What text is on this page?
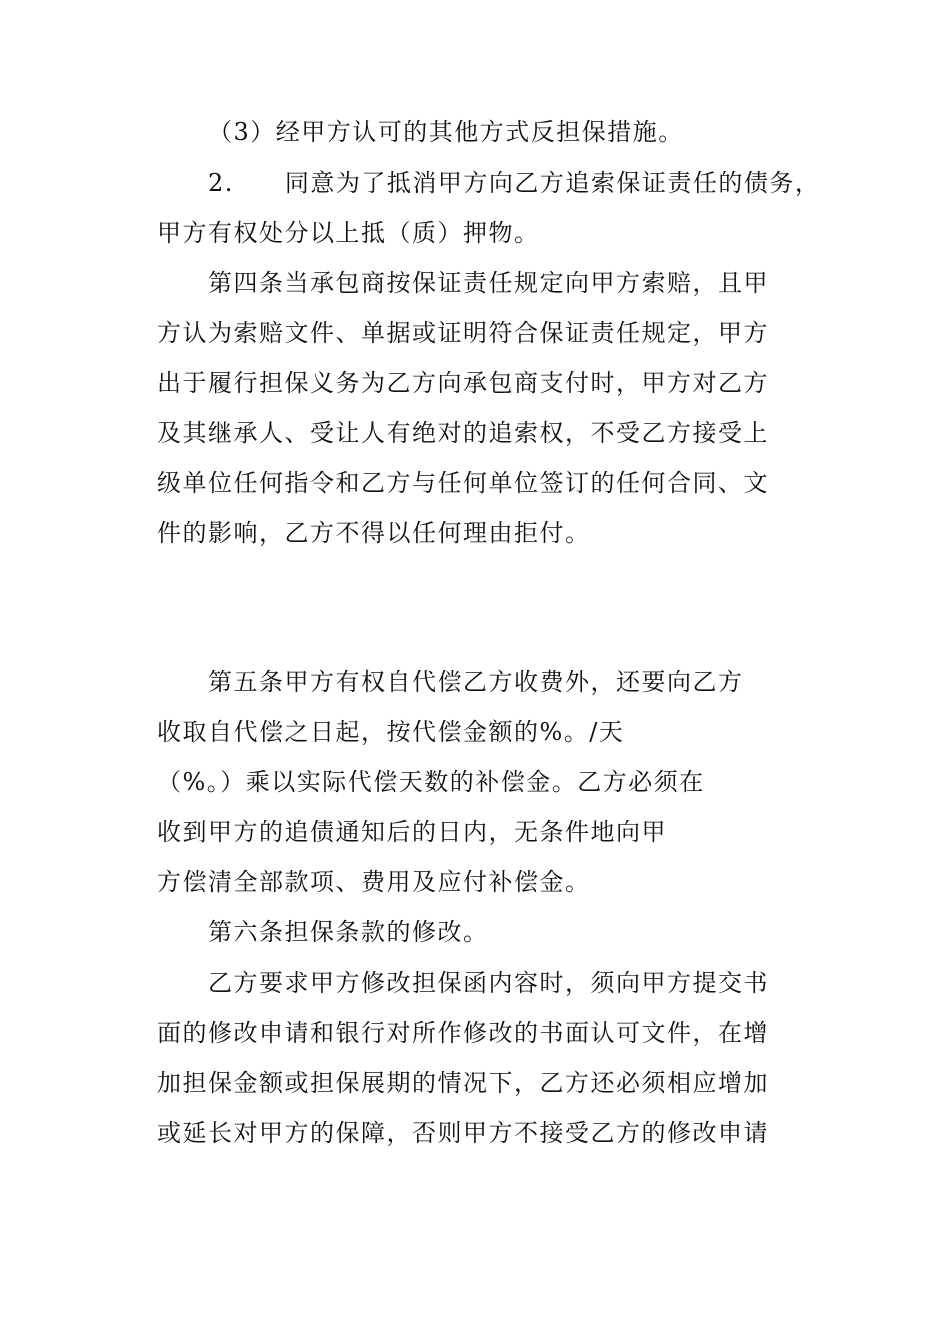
（3）经甲方认可的其他方式反担保措施。
2.　　同意为了抵消甲方向乙方追索保证责任的债务，
甲方有权处分以上抵（质）押物。
第四条当承包商按保证责任规定向甲方索赔，且甲
方认为索赔文件、单据或证明符合保证责任规定，甲方
出于履行担保义务为乙方向承包商支付时，甲方对乙方
及其继承人、受让人有绝对的追索权，不受乙方接受上
级单位任何指令和乙方与任何单位签订的任何合同、文
件的影响，乙方不得以任何理由拒付。
第五条甲方有权自代偿乙方收费外，还要向乙方
收取自代偿之日起，按代偿金额的%。/天
（%。）乘以实际代偿天数的补偿金。乙方必须在
收到甲方的追债通知后的日内，无条件地向甲
方偿清全部款项、费用及应付补偿金。
第六条担保条款的修改。
乙方要求甲方修改担保函内容时，须向甲方提交书
面的修改申请和银行对所作修改的书面认可文件，在增
加担保金额或担保展期的情况下，乙方还必须相应增加
或延长对甲方的保障，否则甲方不接受乙方的修改申请
